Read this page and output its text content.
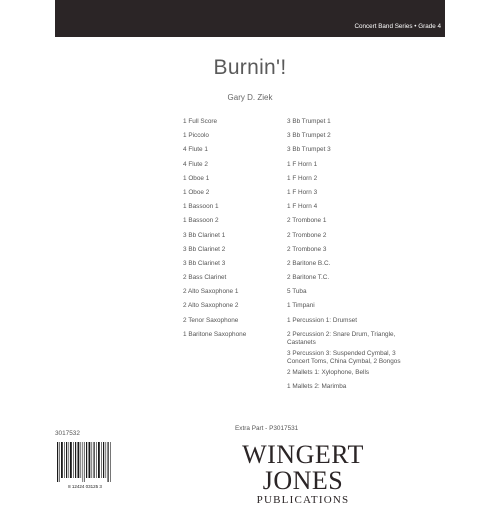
Concert Band Series • Grade 4
Burnin'!
Gary D. Ziek
1 Full Score
1 Piccolo
4 Flute 1
4 Flute 2
1 Oboe 1
1 Oboe 2
1 Bassoon 1
1 Bassoon 2
3 Bb Clarinet 1
3 Bb Clarinet 2
3 Bb Clarinet 3
2 Bass Clarinet
2 Alto Saxophone 1
2 Alto Saxophone 2
2 Tenor Saxophone
1 Baritone Saxophone
3 Bb Trumpet 1
3 Bb Trumpet 2
3 Bb Trumpet 3
1 F Horn 1
1 F Horn 2
1 F Horn 3
1 F Horn 4
2 Trombone 1
2 Trombone 2
2 Trombone 3
2 Baritone B.C.
2 Baritone T.C.
5 Tuba
1 Timpani
1 Percussion 1: Drumset
2 Percussion 2: Snare Drum, Triangle, Castanets
3 Percussion 3: Suspended Cymbal, 3 Concert Toms, China Cymbal, 2 Bongos
2 Mallets 1: Xylophone, Bells
1 Mallets 2: Marimba
Extra Part - P3017531
3017532
8 12424 03125 3
WINGERT
JONES
PUBLICATIONS
